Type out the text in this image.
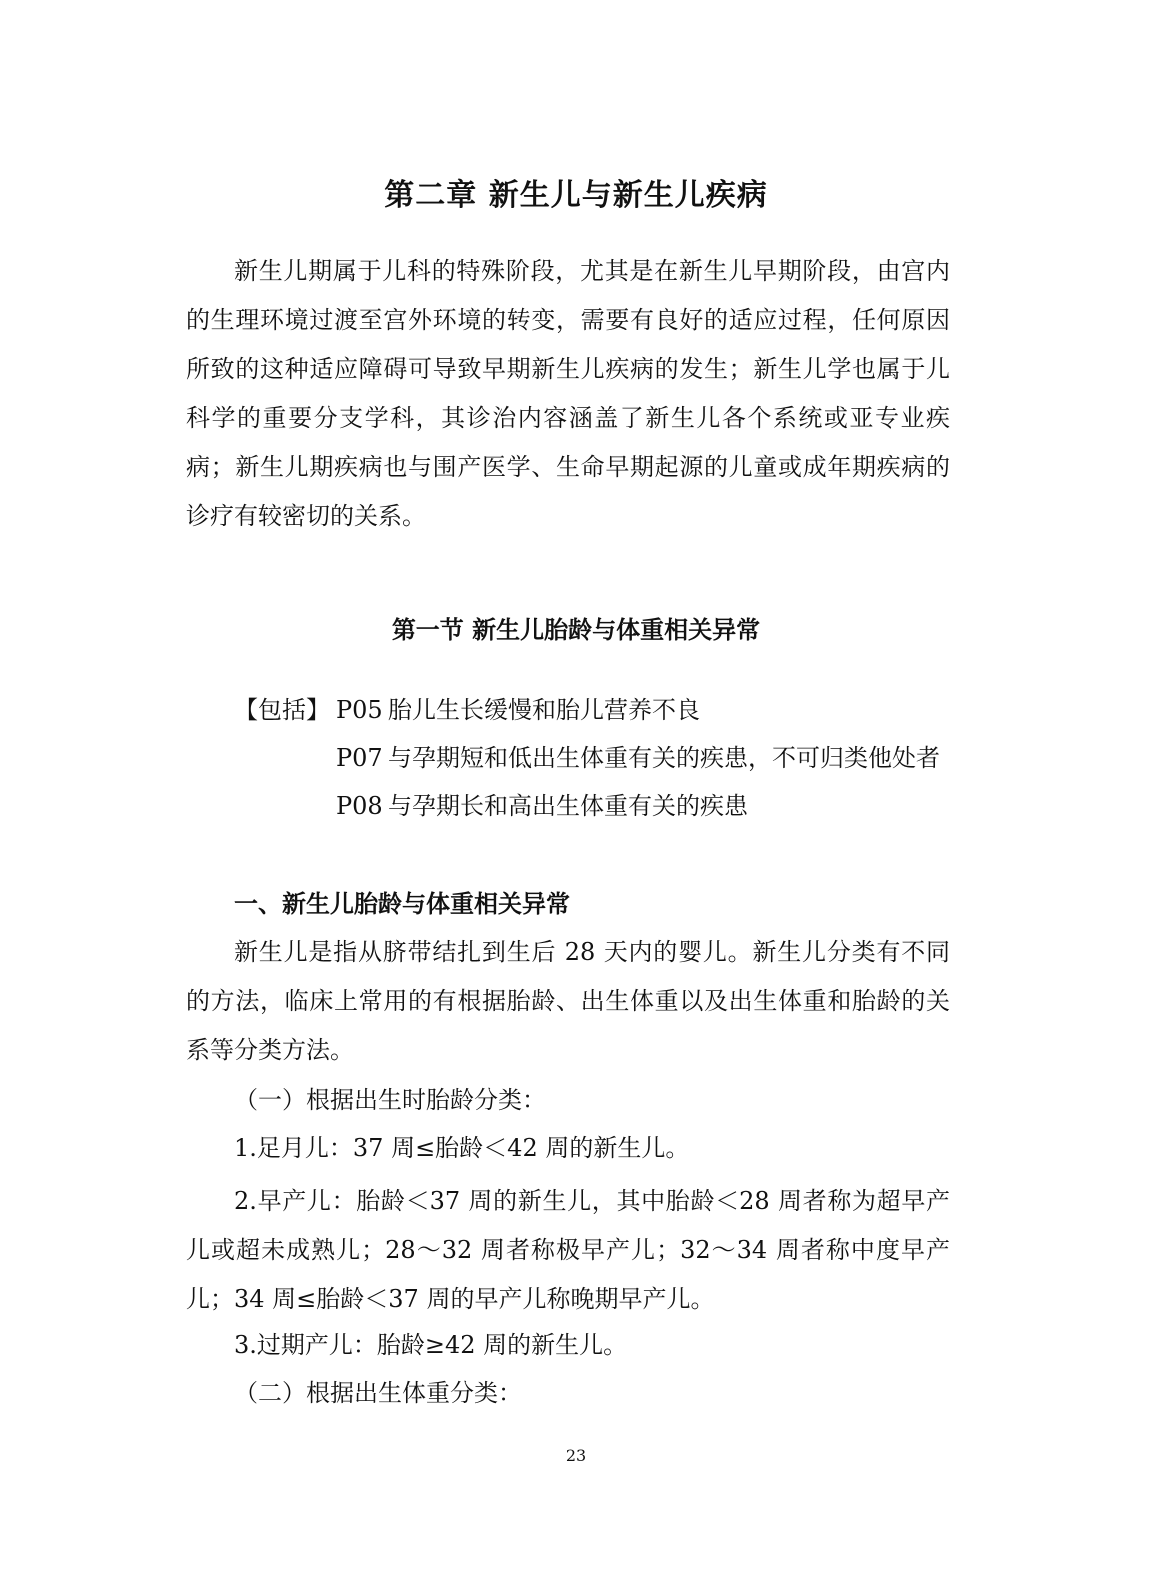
第二章 新生儿与新生儿疾病

新生儿期属于儿科的特殊阶段，尤其是在新生儿早期阶段，由宫内的生理环境过渡至宫外环境的转变，需要有良好的适应过程，任何原因所致的这种适应障碍可导致早期新生儿疾病的发生；新生儿学也属于儿科学的重要分支学科，其诊治内容涵盖了新生儿各个系统或亚专业疾病；新生儿期疾病也与围产医学、生命早期起源的儿童或成年期疾病的诊疗有较密切的关系。

第一节 新生儿胎龄与体重相关异常
【包括】 P05 胎儿生长缓慢和胎儿营养不良
P07 与孕期短和低出生体重有关的疾患，不可归类他处者
P08 与孕期长和高出生体重有关的疾患
一、新生儿胎龄与体重相关异常

新生儿是指从脐带结扎到生后 28 天内的婴儿。新生儿分类有不同的方法，临床上常用的有根据胎龄、出生体重以及出生体重和胎龄的关系等分类方法。

（一）根据出生时胎龄分类：
1.足月儿：37 周≤胎龄＜42 周的新生儿。

2.早产儿：胎龄＜37 周的新生儿，其中胎龄＜28 周者称为超早产儿或超未成熟儿；28～32 周者称极早产儿；32～34 周者称中度早产儿；34 周≤胎龄＜37 周的早产儿称晚期早产儿。

3.过期产儿：胎龄≥42 周的新生儿。
（二）根据出生体重分类：
23
